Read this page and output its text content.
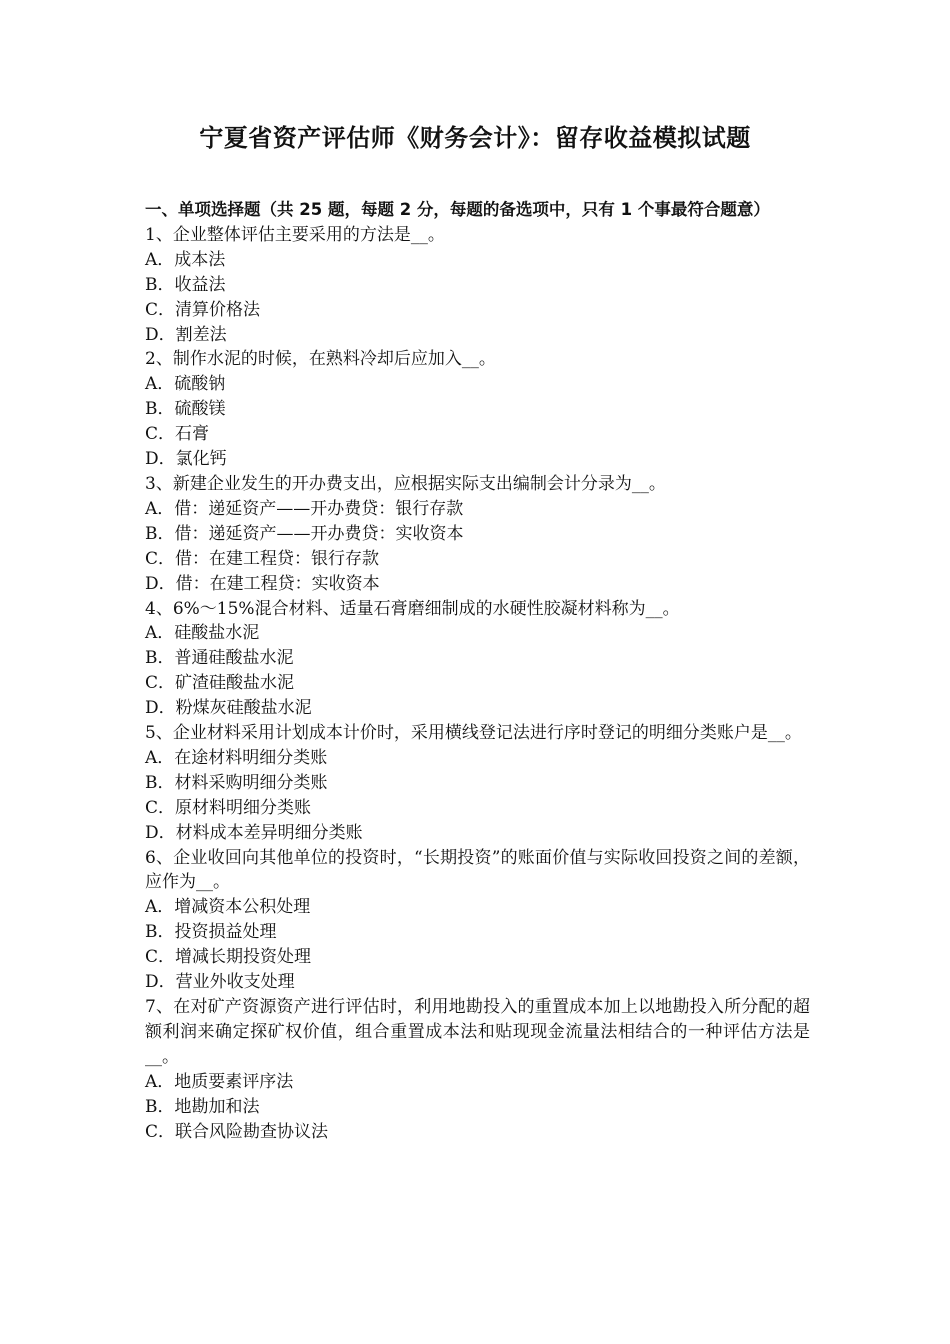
宁夏省资产评估师《财务会计》：留存收益模拟试题

一、单项选择题（共 25 题，每题 2 分，每题的备选项中，只有 1 个事最符合题意）

1、企业整体评估主要采用的方法是__。

A．成本法

B．收益法

C．清算价格法

D．割差法

2、制作水泥的时候，在熟料冷却后应加入__。

A．硫酸钠

B．硫酸镁

C．石膏

D．氯化钙

3、新建企业发生的开办费支出，应根据实际支出编制会计分录为__。

A．借：递延资产——开办费贷：银行存款

B．借：递延资产——开办费贷：实收资本

C．借：在建工程贷：银行存款

D．借：在建工程贷：实收资本

4、6%～15%混合材料、适量石膏磨细制成的水硬性胶凝材料称为__。

A．硅酸盐水泥

B．普通硅酸盐水泥

C．矿渣硅酸盐水泥

D．粉煤灰硅酸盐水泥

5、企业材料采用计划成本计价时，采用横线登记法进行序时登记的明细分类账户是__。

A．在途材料明细分类账

B．材料采购明细分类账

C．原材料明细分类账

D．材料成本差异明细分类账

6、企业收回向其他单位的投资时，“长期投资”的账面价值与实际收回投资之间的差额，应作为__。

A．增减资本公积处理

B．投资损益处理

C．增减长期投资处理

D．营业外收支处理

7、在对矿产资源资产进行评估时，利用地勘投入的重置成本加上以地勘投入所分配的超额利润来确定探矿权价值，组合重置成本法和贴现现金流量法相结合的一种评估方法是__。

A．地质要素评序法

B．地勘加和法

C．联合风险勘查协议法
